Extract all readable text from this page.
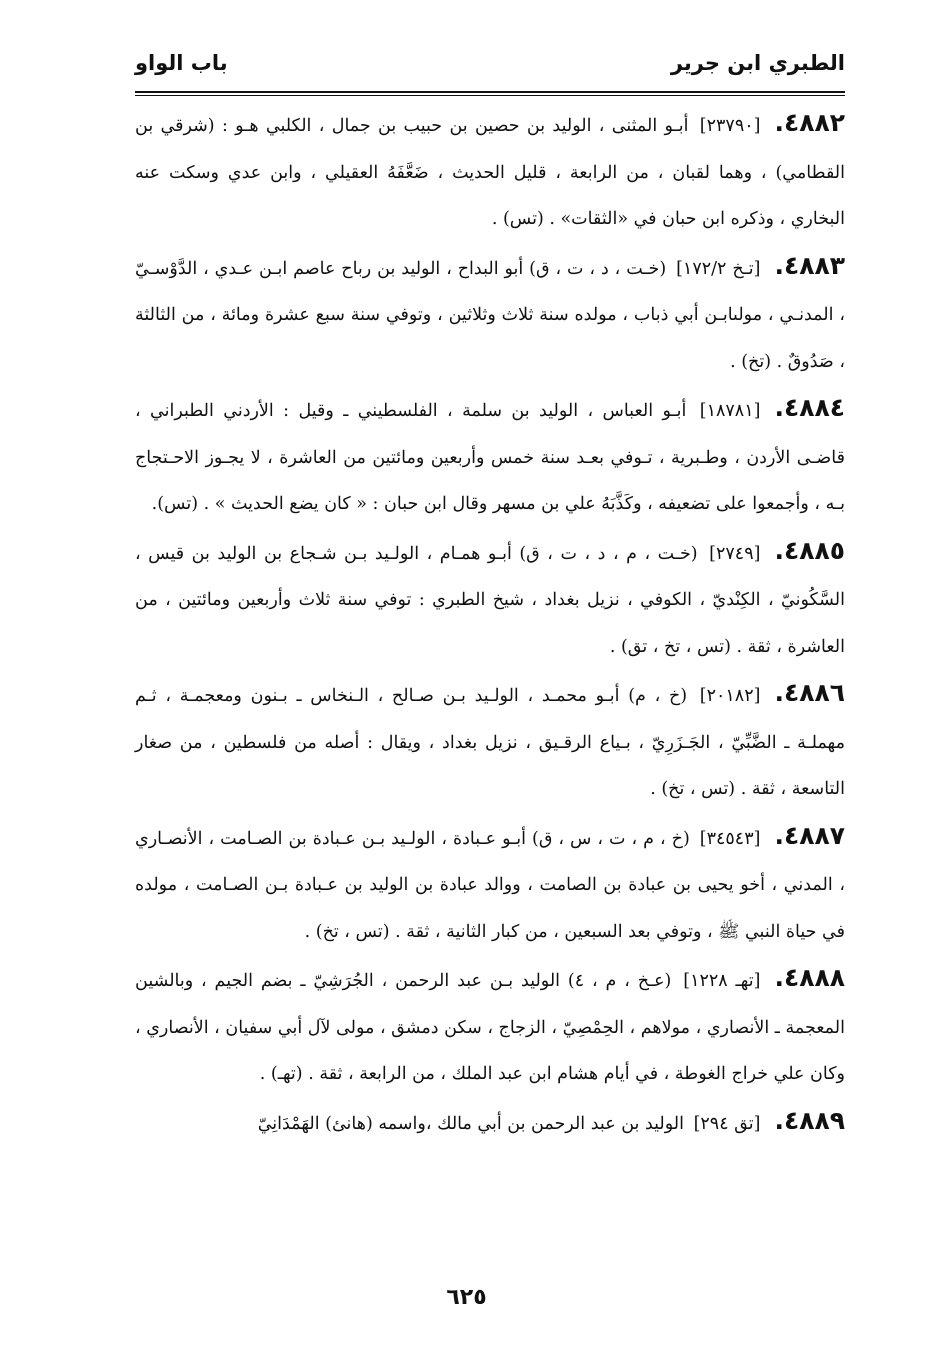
الطبري ابن جرير
باب الواو

٤٨٨٢.[٢٣٧٩٠] أبـو المثنى ، الوليد بن حصين بن حبيب بن جمال ، الكلبي هـو : (شرقي بن القطامي) ، وهما لقبان ، من الرابعة ، قليل الحديث ، ضَعَّفَهُ العقيلي ، وابن عدي وسكت عنه البخاري ، وذكره ابن حبان في «الثقات» . (تس) .

٤٨٨٣.[تـخ ١٧٢/٢] (خـت ، د ، ت ، ق) أبو البداح ، الوليد بن رباح عاصم ابـن عـدي ، الدَّوْسـيّ ، المدنـي ، مولىابـن أبي ذباب ، مولده سنة ثلاث وثلاثين ، وتوفي سنة سبع عشرة ومائة ، من الثالثة ، صَدُوقٌ . (تخ) .

٤٨٨٤.[١٨٧٨١] أبـو العباس ، الوليد بن سلمة ، الفلسطيني ـ وقيل : الأردني الطبراني ، قاضـى الأردن ، وطـبرية ، تـوفي بعـد سنة خمس وأربعين ومائتين من العاشرة ، لا يجـوز الاحـتجاج بـه ، وأجمعوا على تضعيفه ، وكَذَّبَهُ علي بن مسهر وقال ابن حبان : « كان يضع الحديث » . (تس).

٤٨٨٥.[٢٧٤٩] (خـت ، م ، د ، ت ، ق) أبـو همـام ، الولـيد بـن شـجاع بن الوليد بن قيس ، السَّكُونيّ ، الكِنْديّ ، الكوفي ، نزيل بغداد ، شيخ الطبري : توفي سنة ثلاث وأربعين ومائتين ، من العاشرة ، ثقة . (تس ، تخ ، تق) .

٤٨٨٦.[٢٠١٨٢] (خ ، م) أبـو محمـد ، الولـيد بـن صـالح ، الـنخاس ـ بـنون ومعجمـة ، ثـم مهملـة ـ الضَّبِّيّ ، الجَـزَرِيّ ، بـياع الرقـيق ، نزيل بغداد ، ويقال : أصله من فلسطين ، من صغار التاسعة ، ثقة . (تس ، تخ) .

٤٨٨٧.[٣٤٥٤٣] (خ ، م ، ت ، س ، ق) أبـو عـبادة ، الولـيد بـن عـبادة بن الصـامت ، الأنصـاري ، المدني ، أخو يحيى بن عبادة بن الصامت ، ووالد عبادة بن الوليد بن عـبادة بـن الصـامت ، مولده في حياة النبي ﷺ ، وتوفي بعد السبعين ، من كبار الثانية ، ثقة . (تس ، تخ) .

٤٨٨٨.[تهـ ١٢٢٨] (عـخ ، م ، ٤) الوليد بـن عبد الرحمن ، الجُرَشِيّ ـ بضم الجيم ، وبالشين المعجمة ـ الأنصاري ، مولاهم ، الحِمْصِيّ ، الزجاج ، سكن دمشق ، مولى لآل أبي سفيان ، الأنصاري ، وكان علي خراج الغوطة ، في أيام هشام ابن عبد الملك ، من الرابعة ، ثقة . (تهـ) .

٤٨٨٩.[تق ٢٩٤] الوليد بن عبد الرحمن بن أبي مالك ،واسمه (هانئ) الهَمْدَانِيّ

٦٢٥
